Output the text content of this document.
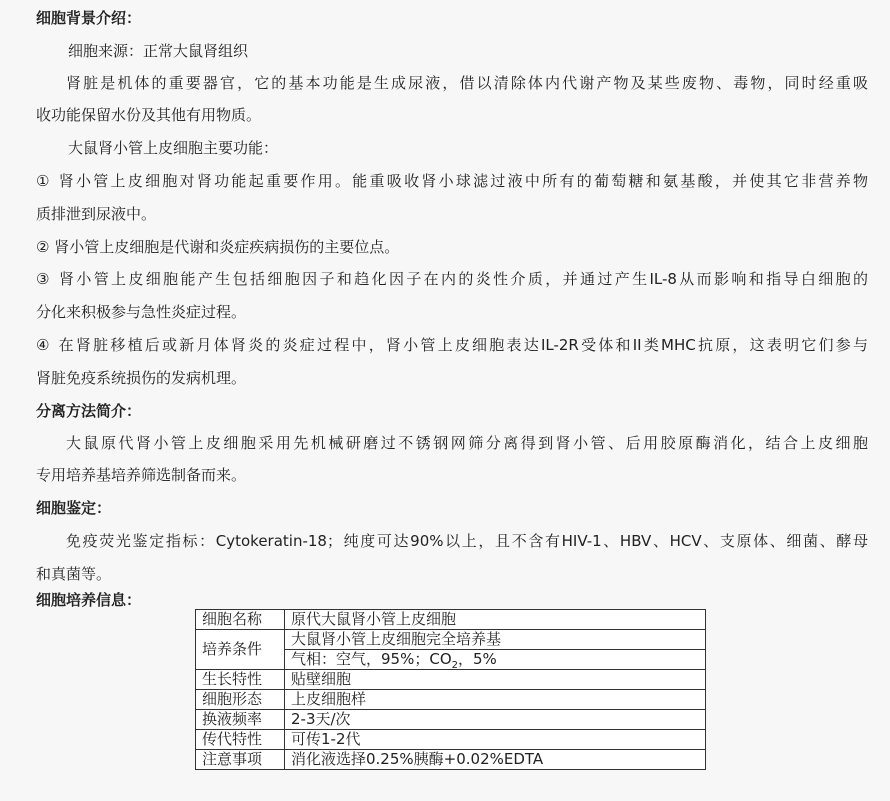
细胞背景介绍：
细胞来源：正常大鼠肾组织
肾脏是机体的重要器官，它的基本功能是生成尿液，借以清除体内代谢产物及某些废物、毒物，同时经重吸
收功能保留水份及其他有用物质。
大鼠肾小管上皮细胞主要功能：
① 肾小管上皮细胞对肾功能起重要作用。能重吸收肾小球滤过液中所有的葡萄糖和氨基酸，并使其它非营养物
质排泄到尿液中。
② 肾小管上皮细胞是代谢和炎症疾病损伤的主要位点。
③ 肾小管上皮细胞能产生包括细胞因子和趋化因子在内的炎性介质，并通过产生IL-8从而影响和指导白细胞的
分化来积极参与急性炎症过程。
④ 在肾脏移植后或新月体肾炎的炎症过程中，肾小管上皮细胞表达IL-2R受体和II类MHC抗原，这表明它们参与
肾脏免疫系统损伤的发病机理。
分离方法简介：
大鼠原代肾小管上皮细胞采用先机械研磨过不锈钢网筛分离得到肾小管、后用胶原酶消化，结合上皮细胞
专用培养基培养筛选制备而来。
细胞鉴定：
免疫荧光鉴定指标：Cytokeratin-18；纯度可达90%以上，且不含有HIV-1、HBV、HCV、支原体、细菌、酵母
和真菌等。
细胞培养信息：
细胞名称	原代大鼠肾小管上皮细胞
培养条件	大鼠肾小管上皮细胞完全培养基
	气相：空气，95%；$CO_2$，5%
生长特性	贴壁细胞
细胞形态	上皮细胞样
换液频率	2-3天/次
传代特性	可传1-2代
注意事项	消化液选择0.25%胰酶+0.02%EDTA
